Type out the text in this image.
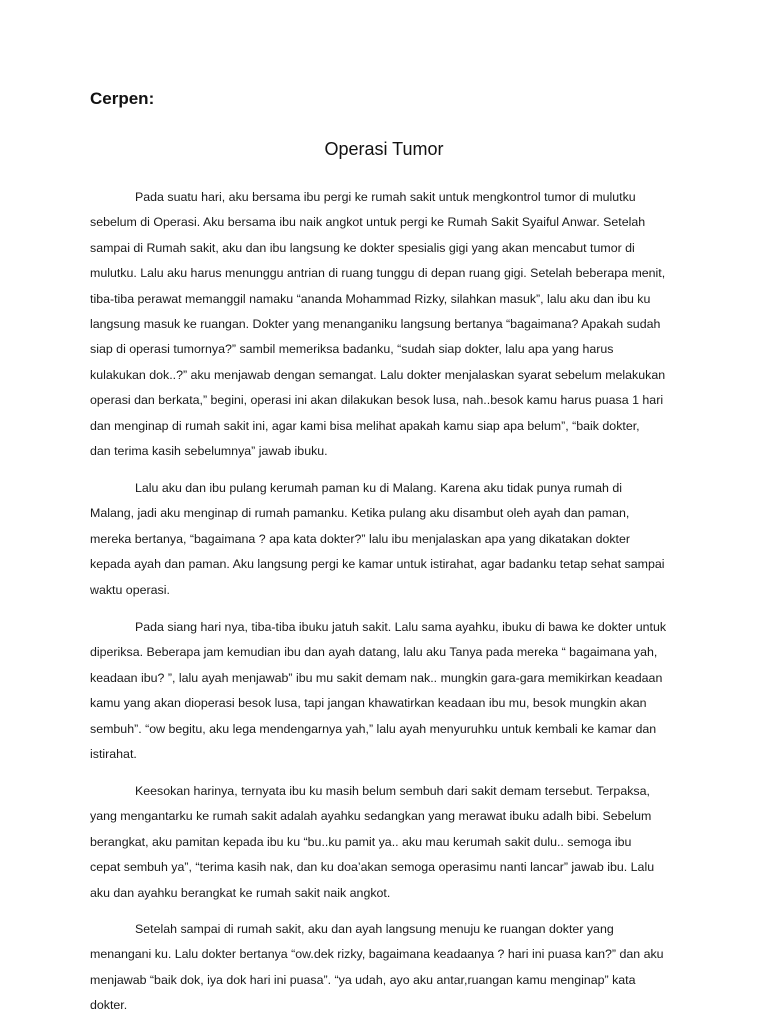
Cerpen:
Operasi Tumor
Pada suatu hari, aku bersama ibu pergi ke rumah sakit untuk mengkontrol tumor di mulutku
sebelum di Operasi. Aku bersama ibu naik angkot untuk pergi ke Rumah Sakit Syaiful Anwar. Setelah
sampai di Rumah sakit, aku dan ibu langsung ke dokter spesialis gigi yang akan mencabut tumor di
mulutku. Lalu aku harus menunggu antrian di ruang tunggu di depan ruang gigi. Setelah beberapa menit,
tiba-tiba perawat memanggil namaku “ananda Mohammad Rizky, silahkan masuk”, lalu aku dan ibu ku
langsung masuk ke ruangan. Dokter yang menanganiku langsung bertanya “bagaimana? Apakah sudah
siap di operasi tumornya?” sambil memeriksa badanku, “sudah siap dokter, lalu apa yang harus
kulakukan dok..?” aku menjawab dengan semangat. Lalu dokter menjalaskan syarat sebelum melakukan
operasi dan berkata,” begini, operasi ini akan dilakukan besok lusa, nah..besok kamu harus puasa 1 hari
dan menginap di rumah sakit ini, agar kami bisa melihat apakah kamu siap apa belum”, “baik dokter,
dan terima kasih sebelumnya” jawab ibuku.
Lalu aku dan ibu pulang kerumah paman ku di Malang. Karena aku tidak punya rumah di
Malang, jadi aku menginap di rumah pamanku. Ketika pulang aku disambut oleh ayah dan paman,
mereka bertanya, “bagaimana ? apa kata dokter?” lalu ibu menjalaskan apa yang dikatakan dokter
kepada ayah dan paman. Aku langsung pergi ke kamar untuk istirahat, agar badanku tetap sehat sampai
waktu operasi.
Pada siang hari nya, tiba-tiba ibuku jatuh sakit. Lalu sama ayahku, ibuku di bawa ke dokter untuk
diperiksa. Beberapa jam kemudian ibu dan ayah datang, lalu aku Tanya pada mereka “ bagaimana yah,
keadaan ibu? ”, lalu ayah menjawab” ibu mu sakit demam nak.. mungkin gara-gara memikirkan keadaan
kamu yang akan dioperasi besok lusa, tapi jangan khawatirkan keadaan ibu mu, besok mungkin akan
sembuh”. “ow begitu, aku lega mendengarnya yah,” lalu ayah menyuruhku untuk kembali ke kamar dan
istirahat.
Keesokan harinya, ternyata ibu ku masih belum sembuh dari sakit demam tersebut. Terpaksa,
yang mengantarku ke rumah sakit adalah ayahku sedangkan yang merawat ibuku adalh bibi. Sebelum
berangkat, aku pamitan kepada ibu ku “bu..ku pamit ya.. aku mau kerumah sakit dulu.. semoga ibu
cepat sembuh ya”, “terima kasih nak, dan ku doa’akan semoga operasimu nanti lancar” jawab ibu. Lalu
aku dan ayahku berangkat ke rumah sakit naik angkot.
Setelah sampai di rumah sakit, aku dan ayah langsung menuju ke ruangan dokter yang
menangani ku. Lalu dokter bertanya “ow.dek rizky, bagaimana keadaanya ? hari ini puasa kan?” dan aku
menjawab “baik dok, iya dok hari ini puasa”. “ya udah, ayo aku antar,ruangan kamu menginap” kata
dokter.
